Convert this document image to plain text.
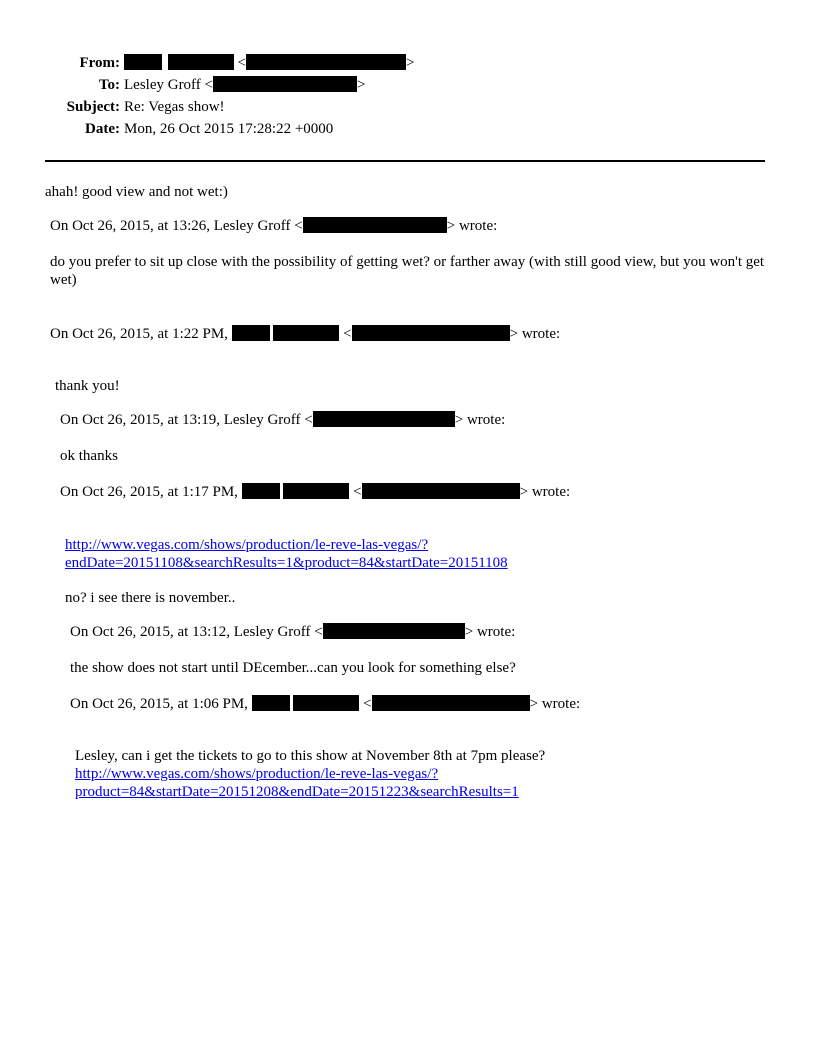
From:	<	>
To: Lesley Groff <	>
Subject: Re: Vegas show!
Date: Mon, 26 Oct 2015 17:28:22 +0000
ahah! good view and not wet:)
On Oct 26, 2015, at 13:26, Lesley Groff <	> wrote:
do you prefer to sit up close with the possibility of getting wet? or farther away (with still good view, but you won't get wet)
On Oct 26, 2015, at 1:22 PM,	<	> wrote:
thank you!
On Oct 26, 2015, at 13:19, Lesley Groff <	> wrote:
ok thanks
On Oct 26, 2015, at 1:17 PM,	<	> wrote:
http://www.vegas.com/shows/production/le-reve-las-vegas/?
endDate=20151108&searchResults=1&product=84&startDate=20151108
no? i see there is november..
On Oct 26, 2015, at 13:12, Lesley Groff <	> wrote:
the show does not start until DEcember...can you look for something else?
On Oct 26, 2015, at 1:06 PM,	<	> wrote:
Lesley, can i get the tickets to go to this show at November 8th at 7pm please?
http://www.vegas.com/shows/production/le-reve-las-vegas/?
product=84&startDate=20151208&endDate=20151223&searchResults=1
